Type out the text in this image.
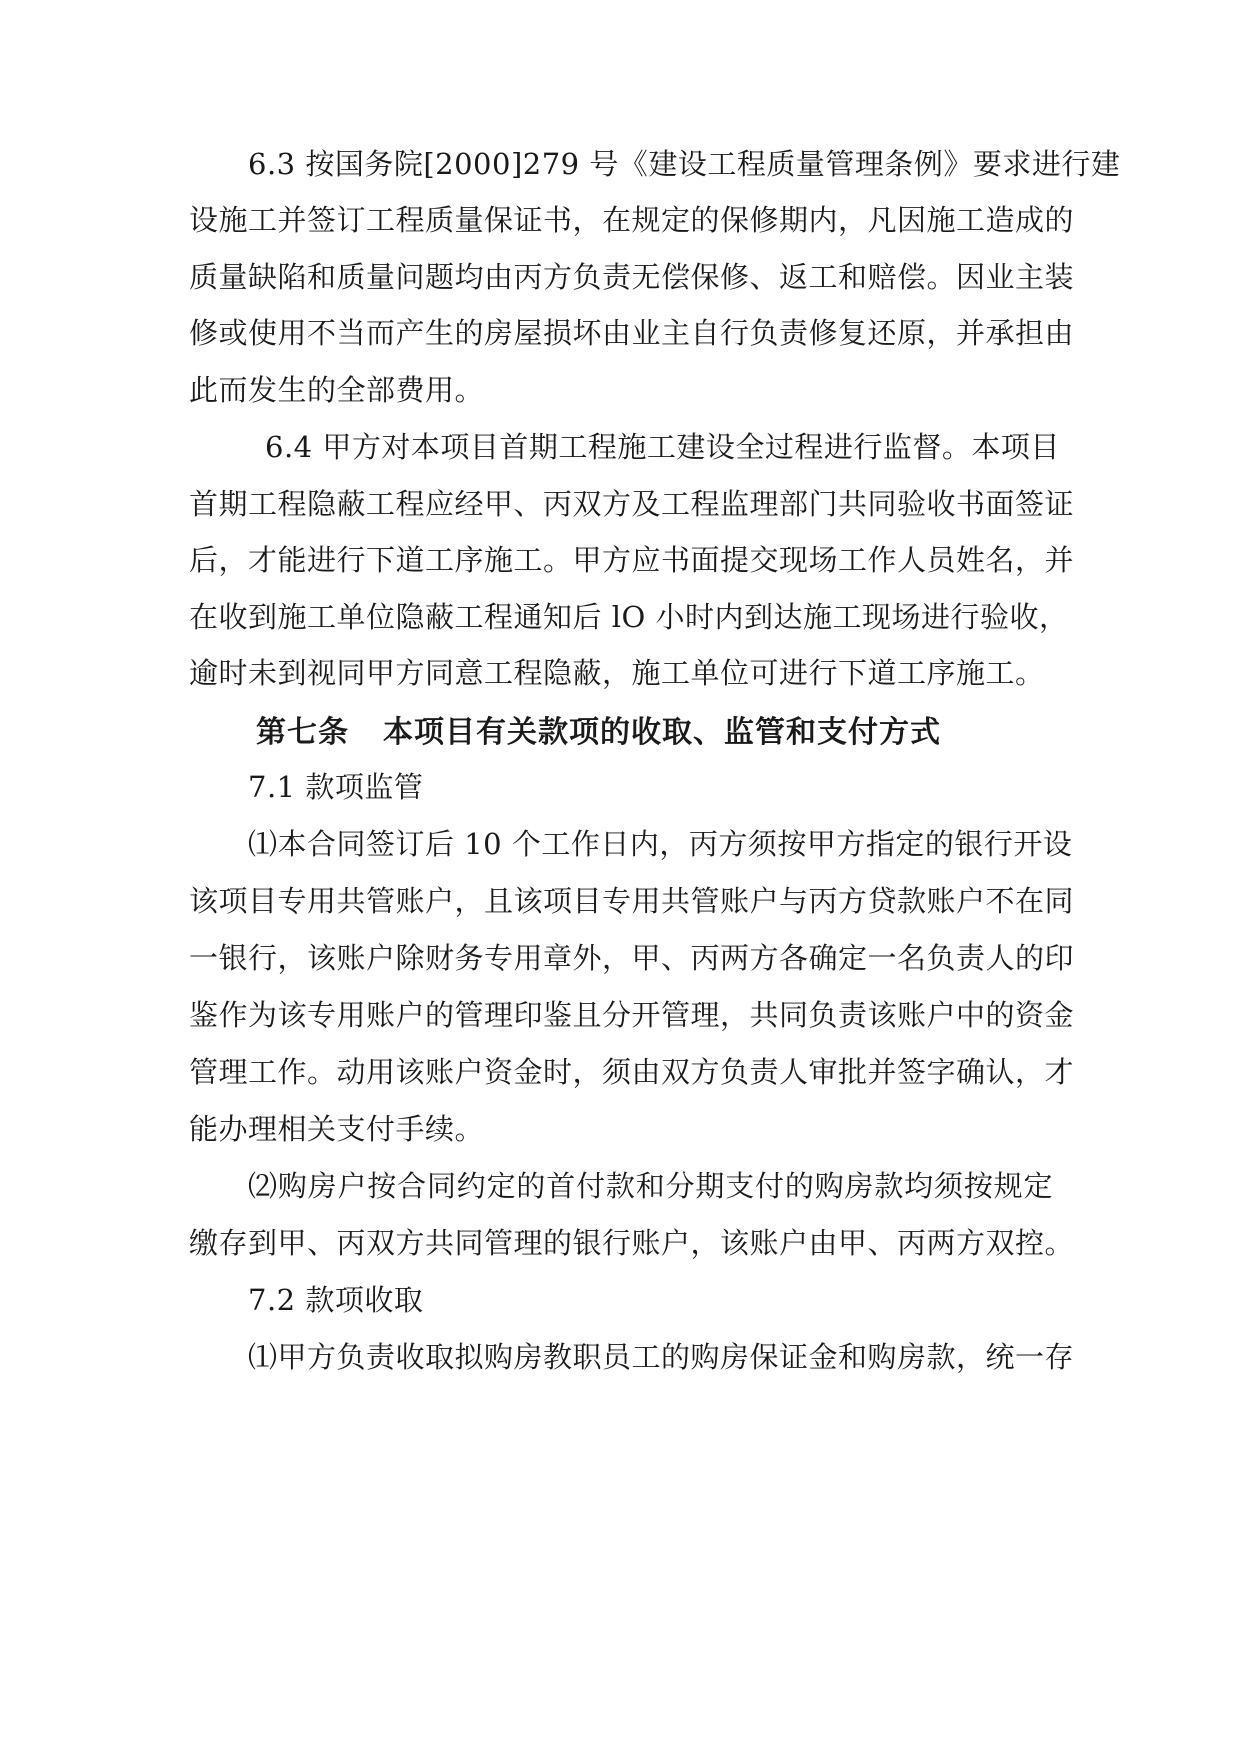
6.3 按国务院[2000]279 号《建设工程质量管理条例》要求进行建
设施工并签订工程质量保证书，在规定的保修期内，凡因施工造成的
质量缺陷和质量问题均由丙方负责无偿保修、返工和赔偿。因业主装
修或使用不当而产生的房屋损坏由业主自行负责修复还原，并承担由
此而发生的全部费用。
6.4 甲方对本项目首期工程施工建设全过程进行监督。本项目
首期工程隐蔽工程应经甲、丙双方及工程监理部门共同验收书面签证
后，才能进行下道工序施工。甲方应书面提交现场工作人员姓名，并
在收到施工单位隐蔽工程通知后 lO 小时内到达施工现场进行验收，
逾时未到视同甲方同意工程隐蔽，施工单位可进行下道工序施工。
第七条 本项目有关款项的收取、监管和支付方式
7.1 款项监管
⑴本合同签订后 10 个工作日内，丙方须按甲方指定的银行开设
该项目专用共管账户，且该项目专用共管账户与丙方贷款账户不在同
一银行，该账户除财务专用章外，甲、丙两方各确定一名负责人的印
鉴作为该专用账户的管理印鉴且分开管理，共同负责该账户中的资金
管理工作。动用该账户资金时，须由双方负责人审批并签字确认，才
能办理相关支付手续。
⑵购房户按合同约定的首付款和分期支付的购房款均须按规定
缴存到甲、丙双方共同管理的银行账户，该账户由甲、丙两方双控。
7.2 款项收取
⑴甲方负责收取拟购房教职员工的购房保证金和购房款，统一存
